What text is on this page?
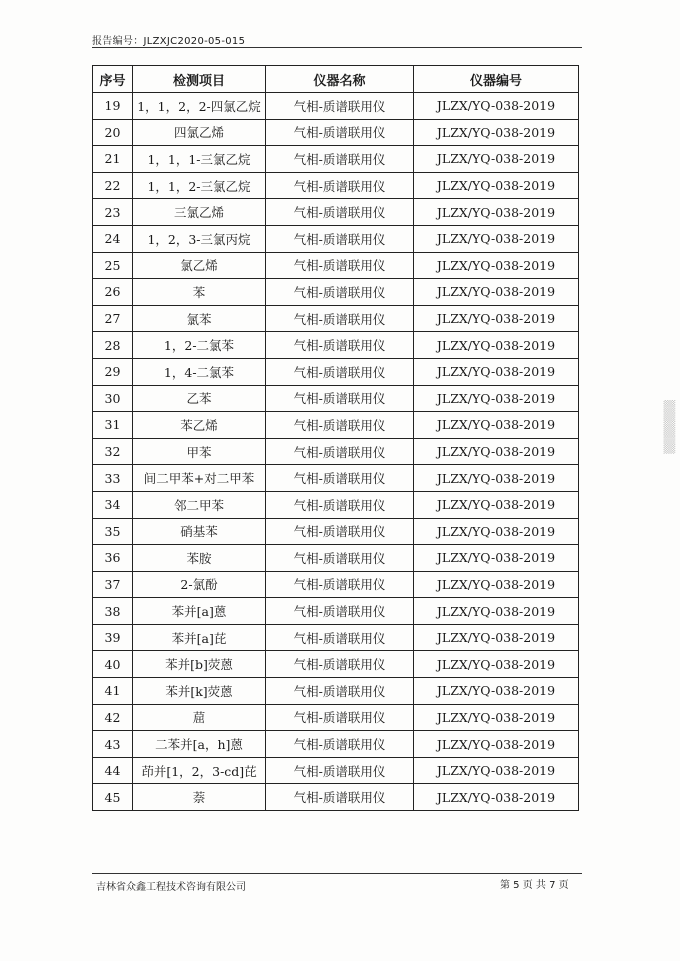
报告编号：JLZXJC2020-05-015
序号	检测项目	仪器名称	仪器编号
19	1，1，2，2-四氯乙烷	气相-质谱联用仪	JLZX/YQ-038-2019
20	四氯乙烯	气相-质谱联用仪	JLZX/YQ-038-2019
21	1，1，1-三氯乙烷	气相-质谱联用仪	JLZX/YQ-038-2019
22	1，1，2-三氯乙烷	气相-质谱联用仪	JLZX/YQ-038-2019
23	三氯乙烯	气相-质谱联用仪	JLZX/YQ-038-2019
24	1，2，3-三氯丙烷	气相-质谱联用仪	JLZX/YQ-038-2019
25	氯乙烯	气相-质谱联用仪	JLZX/YQ-038-2019
26	苯	气相-质谱联用仪	JLZX/YQ-038-2019
27	氯苯	气相-质谱联用仪	JLZX/YQ-038-2019
28	1，2-二氯苯	气相-质谱联用仪	JLZX/YQ-038-2019
29	1，4-二氯苯	气相-质谱联用仪	JLZX/YQ-038-2019
30	乙苯	气相-质谱联用仪	JLZX/YQ-038-2019
31	苯乙烯	气相-质谱联用仪	JLZX/YQ-038-2019
32	甲苯	气相-质谱联用仪	JLZX/YQ-038-2019
33	间二甲苯+对二甲苯	气相-质谱联用仪	JLZX/YQ-038-2019
34	邻二甲苯	气相-质谱联用仪	JLZX/YQ-038-2019
35	硝基苯	气相-质谱联用仪	JLZX/YQ-038-2019
36	苯胺	气相-质谱联用仪	JLZX/YQ-038-2019
37	2-氯酚	气相-质谱联用仪	JLZX/YQ-038-2019
38	苯并[a]蒽	气相-质谱联用仪	JLZX/YQ-038-2019
39	苯并[a]芘	气相-质谱联用仪	JLZX/YQ-038-2019
40	苯并[b]荧蒽	气相-质谱联用仪	JLZX/YQ-038-2019
41	苯并[k]荧蒽	气相-质谱联用仪	JLZX/YQ-038-2019
42	䓛	气相-质谱联用仪	JLZX/YQ-038-2019
43	二苯并[a，h]蒽	气相-质谱联用仪	JLZX/YQ-038-2019
44	茚并[1，2，3-cd]芘	气相-质谱联用仪	JLZX/YQ-038-2019
45	萘	气相-质谱联用仪	JLZX/YQ-038-2019
吉林省众鑫工程技术咨询有限公司	第 5 页 共 7 页
▒▒▒▒▒▒▒
